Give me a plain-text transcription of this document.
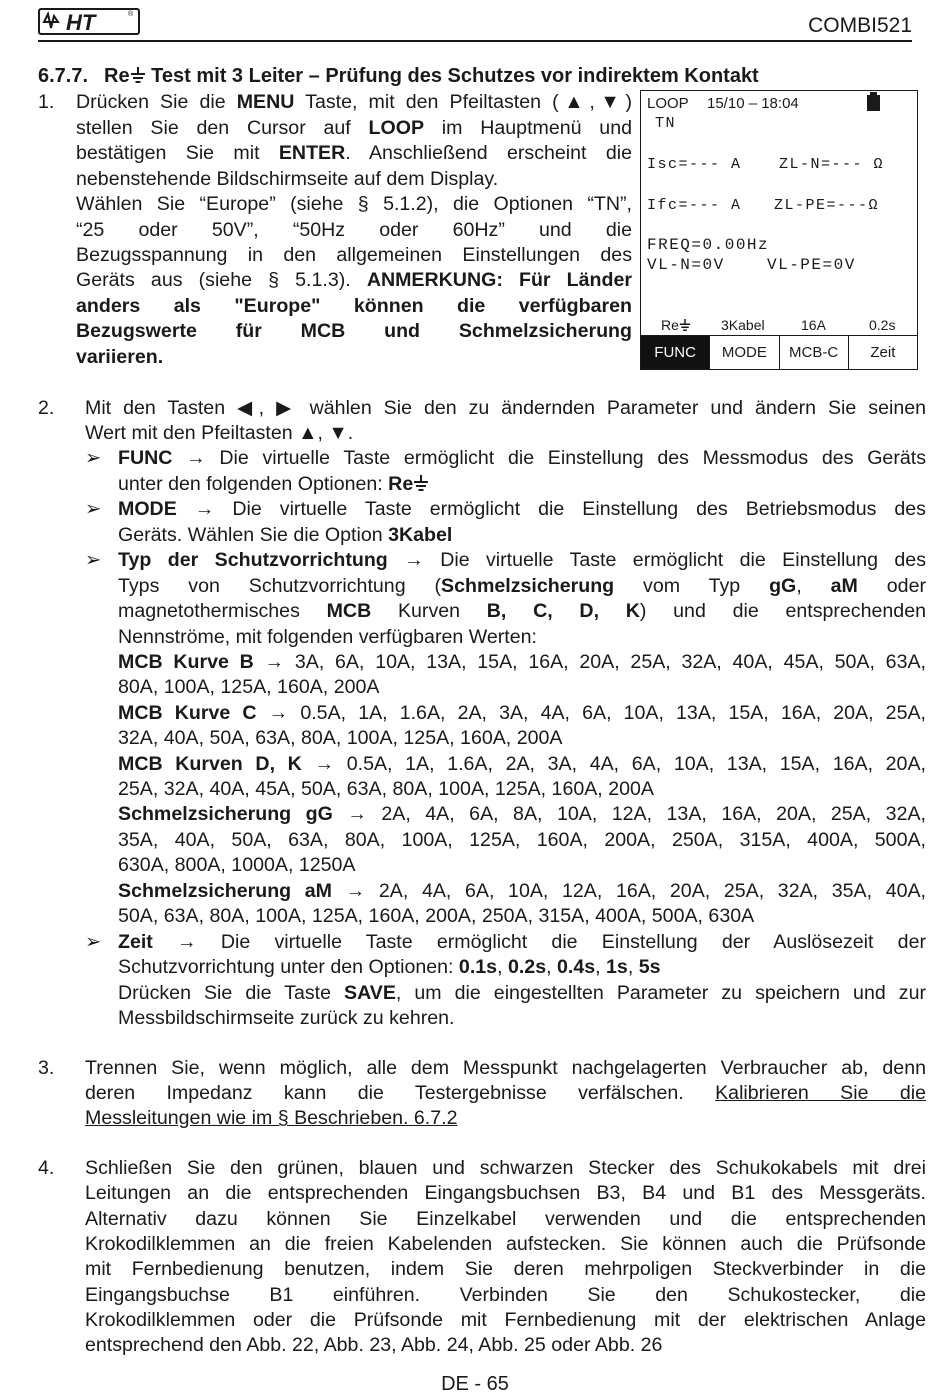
HT	®	COMBI521
6.7.7. Re Test mit 3 Leiter – Prüfung des Schutzes vor indirektem Kontakt
1. Drücken Sie die MENU Taste, mit den Pfeiltasten (▲,▼)
stellen Sie den Cursor auf LOOP im Hauptmenü und
bestätigen Sie mit ENTER. Anschließend erscheint die
nebenstehende Bildschirmseite auf dem Display.
Wählen Sie “Europe” (siehe § 5.1.2), die Optionen “TN”,
“25 oder 50V”, “50Hz oder 60Hz” und die
Bezugsspannung in den allgemeinen Einstellungen des
Geräts aus (siehe § 5.1.3). ANMERKUNG: Für Länder
anders als "Europe" können die verfügbaren
Bezugswerte für MCB und Schmelzsicherung
variieren.
LOOP 15/10 – 18:04
TN
Isc=--- A ZL-N=--- Ω
Ifc=--- A ZL-PE=---Ω
FREQ=0.00Hz
VL-N=0V	VL-PE=0V
Re	3Kabel	16A	0.2s
FUNC	MODE	MCB-C	Zeit
2. Mit den Tasten ◀, ▶ wählen Sie den zu ändernden Parameter und ändern Sie seinen
Wert mit den Pfeiltasten ▲, ▼.
➢ FUNC → Die virtuelle Taste ermöglicht die Einstellung des Messmodus des Geräts
unter den folgenden Optionen: Re
➢ MODE → Die virtuelle Taste ermöglicht die Einstellung des Betriebsmodus des
Geräts. Wählen Sie die Option 3Kabel
➢ Typ der Schutzvorrichtung → Die virtuelle Taste ermöglicht die Einstellung des
Typs von Schutzvorrichtung (Schmelzsicherung vom Typ gG, aM oder
magnetothermisches MCB Kurven B, C, D, K) und die entsprechenden
Nennströme, mit folgenden verfügbaren Werten:
MCB Kurve B → 3A, 6A, 10A, 13A, 15A, 16A, 20A, 25A, 32A, 40A, 45A, 50A, 63A,
80A, 100A, 125A, 160A, 200A
MCB Kurve C → 0.5A, 1A, 1.6A, 2A, 3A, 4A, 6A, 10A, 13A, 15A, 16A, 20A, 25A,
32A, 40A, 50A, 63A, 80A, 100A, 125A, 160A, 200A
MCB Kurven D, K → 0.5A, 1A, 1.6A, 2A, 3A, 4A, 6A, 10A, 13A, 15A, 16A, 20A,
25A, 32A, 40A, 45A, 50A, 63A, 80A, 100A, 125A, 160A, 200A
Schmelzsicherung gG → 2A, 4A, 6A, 8A, 10A, 12A, 13A, 16A, 20A, 25A, 32A,
35A, 40A, 50A, 63A, 80A, 100A, 125A, 160A, 200A, 250A, 315A, 400A, 500A,
630A, 800A, 1000A, 1250A
Schmelzsicherung aM → 2A, 4A, 6A, 10A, 12A, 16A, 20A, 25A, 32A, 35A, 40A,
50A, 63A, 80A, 100A, 125A, 160A, 200A, 250A, 315A, 400A, 500A, 630A
➢ Zeit → Die virtuelle Taste ermöglicht die Einstellung der Auslösezeit der
Schutzvorrichtung unter den Optionen: 0.1s, 0.2s, 0.4s, 1s, 5s
Drücken Sie die Taste SAVE, um die eingestellten Parameter zu speichern und zur
Messbildschirmseite zurück zu kehren.
3. Trennen Sie, wenn möglich, alle dem Messpunkt nachgelagerten Verbraucher ab, denn
deren Impedanz kann die Testergebnisse verfälschen. Kalibrieren Sie die
Messleitungen wie im § Beschrieben. 6.7.2
4. Schließen Sie den grünen, blauen und schwarzen Stecker des Schukokabels mit drei
Leitungen an die entsprechenden Eingangsbuchsen B3, B4 und B1 des Messgeräts.
Alternativ dazu können Sie Einzelkabel verwenden und die entsprechenden
Krokodilklemmen an die freien Kabelenden aufstecken. Sie können auch die Prüfsonde
mit Fernbedienung benutzen, indem Sie deren mehrpoligen Steckverbinder in die
Eingangsbuchse B1 einführen. Verbinden Sie den Schukostecker, die
Krokodilklemmen oder die Prüfsonde mit Fernbedienung mit der elektrischen Anlage
entsprechend den Abb. 22, Abb. 23, Abb. 24, Abb. 25 oder Abb. 26
DE - 65
